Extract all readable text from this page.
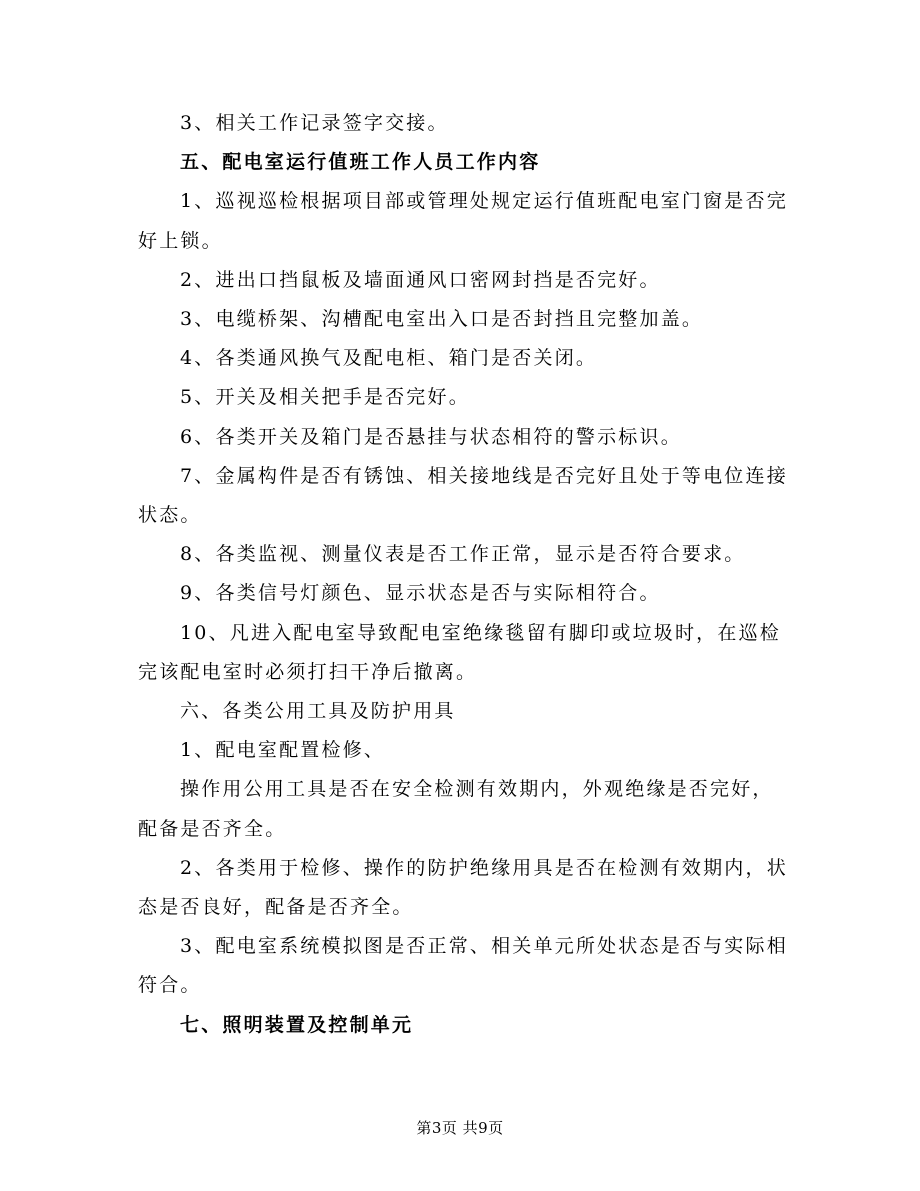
3、相关工作记录签字交接。

五、配电室运行值班工作人员工作内容

1、巡视巡检根据项目部或管理处规定运行值班配电室门窗是否完好上锁。

2、进出口挡鼠板及墙面通风口密网封挡是否完好。

3、电缆桥架、沟槽配电室出入口是否封挡且完整加盖。

4、各类通风换气及配电柜、箱门是否关闭。

5、开关及相关把手是否完好。

6、各类开关及箱门是否悬挂与状态相符的警示标识。

7、金属构件是否有锈蚀、相关接地线是否完好且处于等电位连接状态。

8、各类监视、测量仪表是否工作正常，显示是否符合要求。

9、各类信号灯颜色、显示状态是否与实际相符合。

10、凡进入配电室导致配电室绝缘毯留有脚印或垃圾时，在巡检完该配电室时必须打扫干净后撤离。

六、各类公用工具及防护用具

1、配电室配置检修、

操作用公用工具是否在安全检测有效期内，外观绝缘是否完好，配备是否齐全。

2、各类用于检修、操作的防护绝缘用具是否在检测有效期内，状态是否良好，配备是否齐全。

3、配电室系统模拟图是否正常、相关单元所处状态是否与实际相符合。

七、照明装置及控制单元

第3页 共9页
